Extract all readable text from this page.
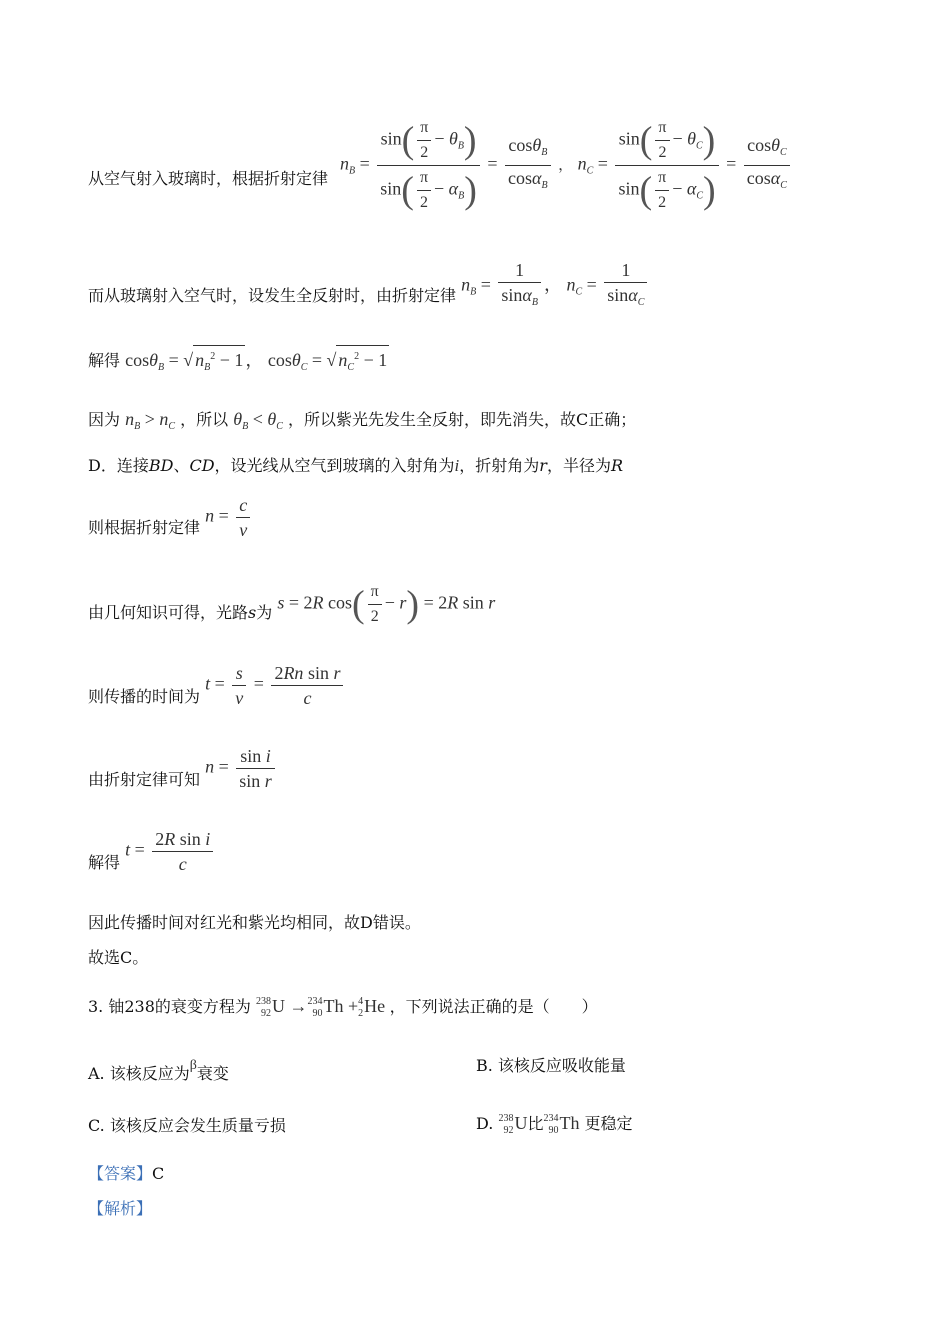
从空气射入玻璃时，根据折射定律
$n_B = \frac{\sin( \frac{\pi}{2} - \theta_B)}{\sin( \frac{\pi}{2} - \alpha_B)} = \frac{\cos\theta_B}{\cos\alpha_B}$ ， $n_C = \frac{\sin( \frac{\pi}{2} - \theta_C)}{\sin( \frac{\pi}{2} - \alpha_C)} = \frac{\cos\theta_C}{\cos\alpha_C}$
而从玻璃射入空气时，设发生全反射时，由折射定律 $n_B = \frac{1}{\sin\alpha_B}$ ， $n_C = \frac{1}{\sin\alpha_C}$
解得 cosθ$_B$ = √ $n_B^2 - 1$ ， cosθ$_C$ = √ $n_C^2 - 1$
因为 $n_B > n_C$ ，所以 $\theta_B < \theta_C$ ，所以紫光先发生全反射，即先消失，故C正确；
D．连接BD、CD，设光线从空气到玻璃的入射角为i，折射角为r，半径为R
则根据折射定律 $n = \frac{c}{v}$
由几何知识可得，光路s为 s = 2R $\cos( \frac{\pi}{2} - r) = 2R$ sin r
则传播的时间为 $t = \frac{s}{v} = \frac{\text{2Rn sin r}}{c}$
由折射定律可知 $n = \frac{\text{sin i}}{\text{sin r}}$
解得 $t = \frac{\text{2R sin i}}{c}$
因此传播时间对红光和紫光均相同，故D错误。
故选C。
3. 铀238的衰变方程为 238
92 U → 234
90 Th + 4
2 He ，下列说法正确的是（　　）
A. 该核反应为β衰变	B. 该核反应吸收能量
C. 该核反应会发生质量亏损	D. 238
92 U比 234
90 Th 更稳定
【答案】C
【解析】
